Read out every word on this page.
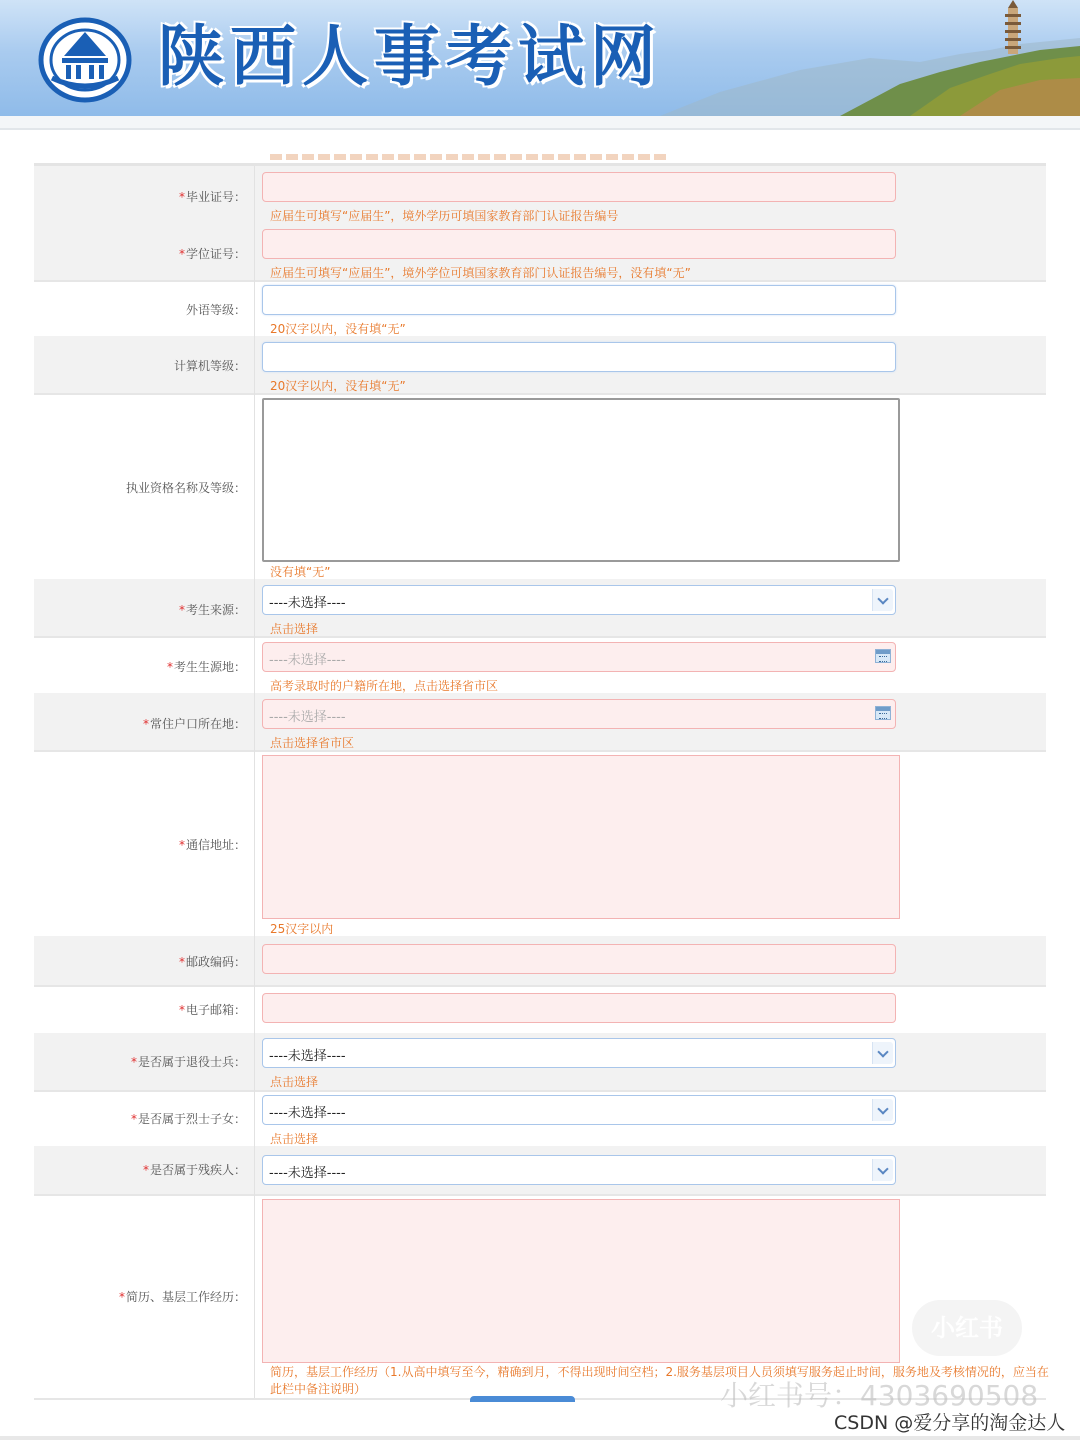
陕西人事考试网
*毕业证号：
应届生可填写“应届生”，境外学历可填国家教育部门认证报告编号
*学位证号：
应届生可填写“应届生”，境外学位可填国家教育部门认证报告编号，没有填“无”
外语等级：
20汉字以内，没有填“无”
计算机等级：
20汉字以内，没有填“无”
执业资格名称及等级：
没有填“无”
*考生来源： ----未选择----
点击选择
*考生生源地： ----未选择----
高考录取时的户籍所在地，点击选择省市区
*常住户口所在地： ----未选择----
点击选择省市区
*通信地址：
25汉字以内
*邮政编码：
*电子邮箱：
*是否属于退役士兵： ----未选择----
点击选择
*是否属于烈士子女： ----未选择----
点击选择
*是否属于残疾人： ----未选择----
*简历、基层工作经历：
简历，基层工作经历（1.从高中填写至今，精确到月，不得出现时间空档；2.服务基层项目人员须填写服务起止时间，服务地及考核情况的，应当在此栏中备注说明）
小红书
小红书号：4303690508
CSDN @爱分享的淘金达人
